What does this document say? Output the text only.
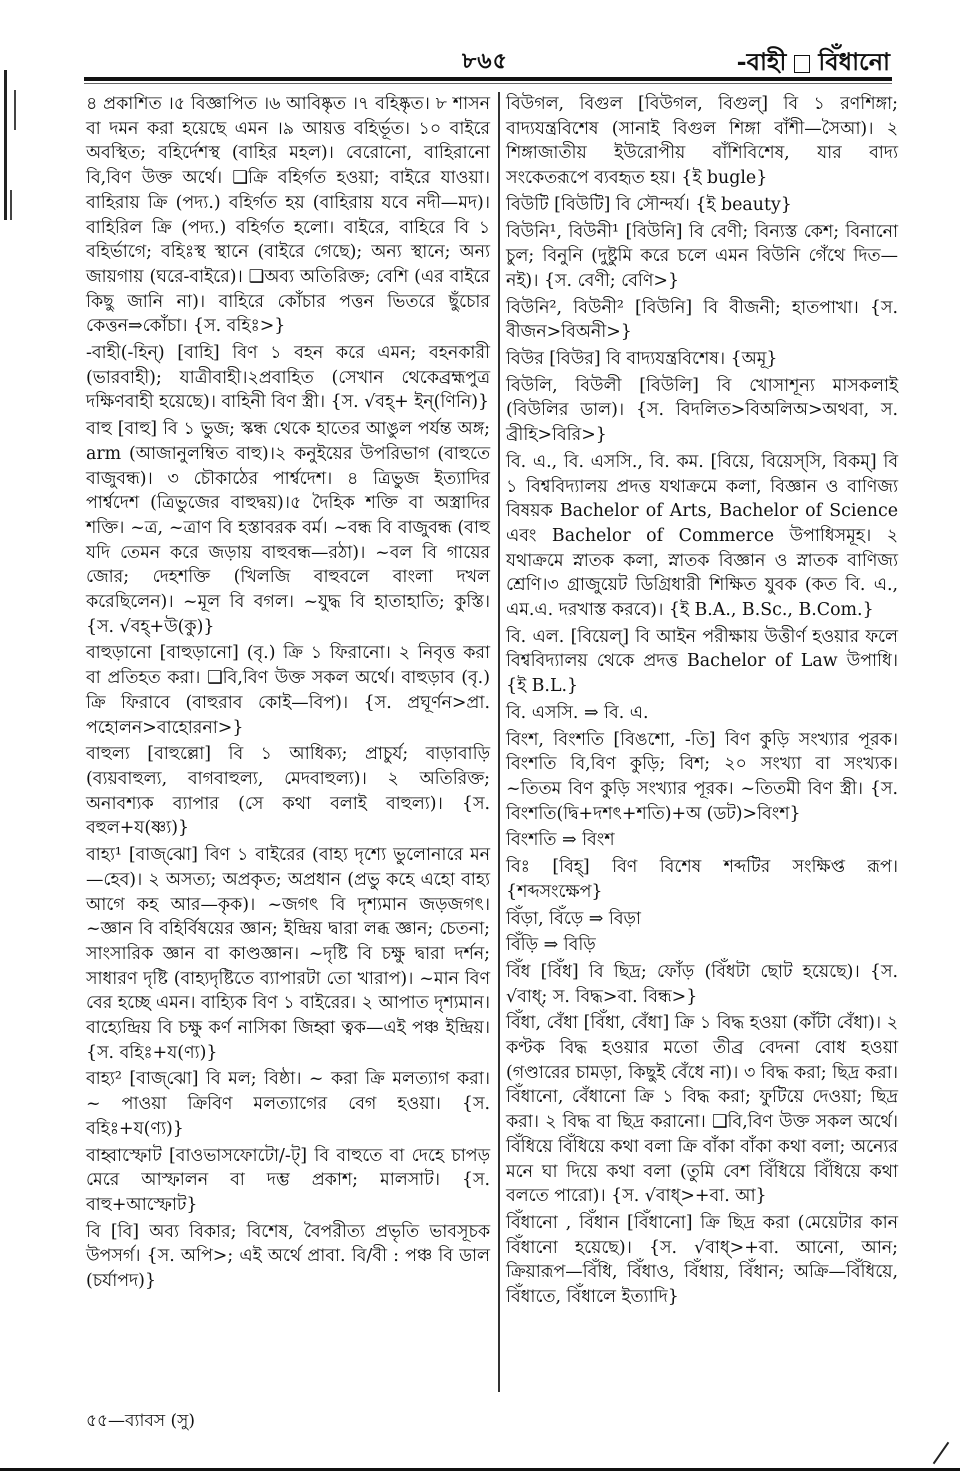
৮৬৫	-বাহী বিঁধানো

৪ প্রকাশিত ।৫ বিজ্ঞাপিত ।৬ আবিষ্কৃত ।৭ বহিষ্কৃত। ৮ শাসন বা দমন করা হয়েছে এমন ।৯ আয়ত্ত বহির্ভূত। ১০ বাইরে অবস্থিত; বহির্দেশস্থ (বাহির মহল)। বেরোনো, বাহিরানো বি,বিণ উক্ত অর্থে। ❑ক্রি বহির্গত হওয়া; বাইরে যাওয়া। বাহিরায় ক্রি (পদ্য.) বহির্গত হয় (বাহিরায় যবে নদী—মদ)। বাহিরিল ক্রি (পদ্য.) বহির্গত হলো। বাইরে, বাহিরে বি ১ বহির্ভাগে; বহিঃস্থ স্থানে (বাইরে গেছে); অন্য স্থানে; অন্য জায়গায় (ঘরে-বাইরে)। ❑অব্য অতিরিক্ত; বেশি (এর বাইরে কিছু জানি না)। বাহিরে কোঁচার পত্তন ভিতরে ছুঁচোর কেত্তন⇒কোঁচা। {স. বহিঃ>}

-বাহী(-হিন্) [বাহি] বিণ ১ বহন করে এমন; বহনকারী (ভারবাহী); যাত্রীবাহী।২প্রবাহিত (সেখান থেকেব্রহ্মপুত্র দক্ষিণবাহী হয়েছে)। বাহিনী বিণ স্ত্রী। {স. √বহ্+ ইন্(ণিনি)}

বাহু [বাহু] বি ১ ভুজ; স্কন্ধ থেকে হাতের আঙুল পর্যন্ত অঙ্গ; arm (আজানুলম্বিত বাহু)।২ কনুইয়ের উপরিভাগ (বাহুতে বাজুবন্ধ)। ৩ চৌকাঠের পার্শ্বদেশ। ৪ ত্রিভুজ ইত্যাদির পার্শ্বদেশ (ত্রিভুজের বাহুদ্বয়)।৫ দৈহিক শক্তি বা অস্ত্রাদির শক্তি। ~ত্র, ~ত্রাণ বি হস্তাবরক বর্ম। ~বন্ধ বি বাজুবন্ধ (বাহু যদি তেমন করে জড়ায় বাহুবন্ধ—রঠা)। ~বল বি গায়ের জোর; দেহশক্তি (খিলজি বাহুবলে বাংলা দখল করেছিলেন)। ~মূল বি বগল। ~যুদ্ধ বি হাতাহাতি; কুস্তি। {স. √বহ্+উ(কু)}

বাহুড়ানো [বাহুড়ানো] (বৃ.) ক্রি ১ ফিরানো। ২ নিবৃত্ত করা বা প্রতিহত করা। ❑বি,বিণ উক্ত সকল অর্থে। বাহুড়াব (বৃ.) ক্রি ফিরাবে (বাহুরাব কোই—বিপ)। {স. প্রঘূর্ণন>প্রা. পহোলন>বাহোরনা>}

বাহুল্য [বাহুল্লো] বি ১ আধিক্য; প্রাচুর্য; বাড়াবাড়ি (ব্যয়বাহুল্য, বাগবাহুল্য, মেদবাহুল্য)। ২ অতিরিক্ত; অনাবশ্যক ব্যাপার (সে কথা বলাই বাহুল্য)। {স. বহুল+য(ষ্ণ্য)}

বাহ্য¹ [বাজ্‌ঝো] বিণ ১ বাইরের (বাহ্য দৃশ্যে ভুলোনারে মন—হেব)। ২ অসত্য; অপ্রকৃত; অপ্রধান (প্রভু কহে এহো বাহ্য আগে কহ আর—কৃক)। ~জগৎ বি দৃশ্যমান জড়জগৎ। ~জ্ঞান বি বহির্বিষয়ের জ্ঞান; ইন্দ্রিয় দ্বারা লব্ধ জ্ঞান; চেতনা; সাংসারিক জ্ঞান বা কাণ্ডজ্ঞান। ~দৃষ্টি বি চক্ষু দ্বারা দর্শন; সাধারণ দৃষ্টি (বাহ্যদৃষ্টিতে ব্যাপারটা তো খারাপ)। ~মান বিণ বের হচ্ছে এমন। বাহ্যিক বিণ ১ বাইরের। ২ আপাত দৃশ্যমান। বাহ্যেন্দ্রিয় বি চক্ষু কর্ণ নাসিকা জিহ্বা ত্বক—এই পঞ্চ ইন্দ্রিয়। {স. বহিঃ+য(ণ্য)}

বাহ্য² [বাজ্‌ঝো] বি মল; বিষ্ঠা। ~ করা ক্রি মলত্যাগ করা। ~ পাওয়া ক্রিবিণ মলত্যাগের বেগ হওয়া। {স. বহিঃ+য(ণ্য)}

বাহ্বাস্ফোট [বাওভাসফোটো/-ট্] বি বাহুতে বা দেহে চাপড় মেরে আস্ফালন বা দম্ভ প্রকাশ; মালসাট। {স. বাহু+আস্ফোট}

বি [বি] অব্য বিকার; বিশেষ, বৈপরীত্য প্রভৃতি ভাবসূচক উপসর্গ। {স. অপি>; এই অর্থে প্রাবা. বি/বী : পঞ্চ বি ডাল (চর্যাপদ)}

বিউগল, বিগুল [বিউগল, বিগুল্] বি ১ রণশিঙ্গা; বাদ্যযন্ত্রবিশেষ (সানাই বিগুল শিঙ্গা বাঁশী—সৈআ)। ২ শিঙ্গাজাতীয় ইউরোপীয় বাঁশিবিশেষ, যার বাদ্য সংকেতরূপে ব্যবহৃত হয়। {ই bugle}

বিউটি [বিউটি] বি সৌন্দর্য। {ই beauty}

বিউনি¹, বিউনী¹ [বিউনি] বি বেণী; বিন্যস্ত কেশ; বিনানো চুল; বিনুনি (দুষ্টুমি করে চলে এমন বিউনি গেঁথে দিত—নই)। {স. বেণী; বেণি>}

বিউনি², বিউনী² [বিউনি] বি বীজনী; হাতপাখা। {স. বীজন>বিঅনী>}

বিউর [বিউর] বি বাদ্যযন্ত্রবিশেষ। {অমূ}

বিউলি, বিউলী [বিউলি] বি খোসাশূন্য মাসকলাই (বিউলির ডাল)। {স. বিদলিত>বিঅলিঅ>অথবা, স. ব্রীহি>বিরি>}

বি. এ., বি. এসসি., বি. কম. [বিয়ে, বিয়েস্‌সি, বিকম্] বি ১ বিশ্ববিদ্যালয় প্রদত্ত যথাক্রমে কলা, বিজ্ঞান ও বাণিজ্য বিষয়ক Bachelor of Arts, Bachelor of Science এবং Bachelor of Commerce উপাধিসমূহ। ২ যথাক্রমে স্নাতক কলা, স্নাতক বিজ্ঞান ও স্নাতক বাণিজ্য শ্রেণি।৩ গ্রাজুয়েট ডিগ্রিধারী শিক্ষিত যুবক (কত বি. এ., এম.এ. দরখাস্ত করবে)। {ই B.A., B.Sc., B.Com.}

বি. এল. [বিয়েল্] বি আইন পরীক্ষায় উত্তীর্ণ হওয়ার ফলে বিশ্ববিদ্যালয় থেকে প্রদত্ত Bachelor of Law উপাধি। {ই B.L.}

বি. এসসি. ⇒ বি. এ.

বিংশ, বিংশতি [বিঙশো, -তি] বিণ কুড়ি সংখ্যার পূরক। বিংশতি বি,বিণ কুড়ি; বিশ; ২০ সংখ্যা বা সংখ্যক। ~তিতম বিণ কুড়ি সংখ্যার পূরক। ~তিতমী বিণ স্ত্রী। {স. বিংশতি(দ্বি+দশৎ+শতি)+অ (ডট)>বিংশ}

বিংশতি ⇒ বিংশ

বিঃ [বিহ্] বিণ বিশেষ শব্দটির সংক্ষিপ্ত রূপ। {শব্দসংক্ষেপ}

বিঁড়া, বিঁড়ে ⇒ বিড়া

বিঁড়ি ⇒ বিড়ি

বিঁধ [বিঁধ] বি ছিদ্র; ফোঁড় (বিঁধটা ছোট হয়েছে)। {স. √বাধ্; স. বিদ্ধ>বা. বিন্ধ>}

বিঁধা, বেঁধা [বিঁধা, বেঁধা] ক্রি ১ বিদ্ধ হওয়া (কাঁটা বেঁধা)। ২ কণ্টক বিদ্ধ হওয়ার মতো তীব্র বেদনা বোধ হওয়া (গণ্ডারের চামড়া, কিছুই বেঁধে না)। ৩ বিদ্ধ করা; ছিদ্র করা। বিঁধানো, বেঁধানো ক্রি ১ বিদ্ধ করা; ফুটিয়ে দেওয়া; ছিদ্র করা। ২ বিদ্ধ বা ছিদ্র করানো। ❑বি,বিণ উক্ত সকল অর্থে। বিঁধিয়ে বিঁধিয়ে কথা বলা ক্রি বাঁকা বাঁকা কথা বলা; অন্যের মনে ঘা দিয়ে কথা বলা (তুমি বেশ বিঁধিয়ে বিঁধিয়ে কথা বলতে পারো)। {স. √বাধ্>+বা. আ}

বিঁধানো , বিঁধান [বিঁধানো] ক্রি ছিদ্র করা (মেয়েটার কান বিঁধানো হয়েছে)। {স. √বাধ্>+বা. আনো, আন; ক্রিয়ারূপ—বিঁধি, বিঁধাও, বিঁধায়, বিঁধান; অক্রি—বিঁধিয়ে, বিঁধাতে, বিঁধালে ইত্যাদি}

৫৫—ব্যাবস (সু)
